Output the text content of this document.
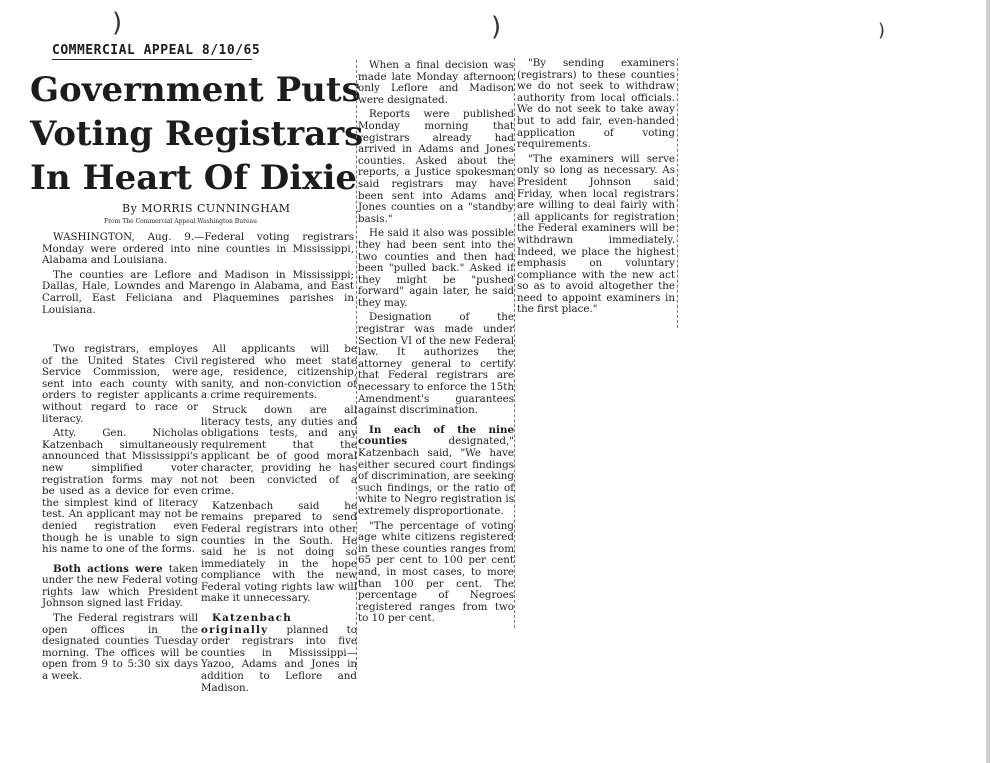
)	)	)
COMMERCIAL APPEAL 8/10/65
Government Puts
Voting Registrars
In Heart Of Dixie
By MORRIS CUNNINGHAM
From The Commercial Appeal Washington Bureau

WASHINGTON, Aug. 9.—Federal voting registrars Monday were ordered into nine counties in Mississippi, Alabama and Louisiana.

The counties are Leflore and Madison in Mississippi; Dallas, Hale, Lowndes and Marengo in Alabama, and East Carroll, East Feliciana and Plaquemines parishes in Louisiana.

Two registrars, employes of the United States Civil Service Commission, were sent into each county with orders to register applicants without regard to race or literacy.

Atty. Gen. Nicholas Katzenbach simultaneously announced that Mississippi's new simplified voter registration forms may not be used as a device for even the simplest kind of literacy test. An applicant may not be denied registration even though he is unable to sign his name to one of the forms.

Both actions were taken under the new Federal voting rights law which President Johnson signed last Friday.

The Federal registrars will open offices in the designated counties Tuesday morning. The offices will be open from 9 to 5:30 six days a week.

All applicants will be registered who meet state age, residence, citizenship, sanity, and non-conviction of a crime requirements.

Struck down are all literacy tests, any duties and obligations tests, and any requirement that the applicant be of good moral character, providing he has not been convicted of a crime.

Katzenbach said he remains prepared to send Federal registrars into other counties in the South. He said he is not doing so immediately in the hope compliance with the new Federal voting rights law will make it unnecessary.

Katzenbach originally planned to order registrars into five counties in Mississippi—Yazoo, Adams and Jones in addition to Leflore and Madison.

When a final decision was made late Monday afternoon only Leflore and Madison were designated.

Reports were published Monday morning that registrars already had arrived in Adams and Jones counties. Asked about the reports, a Justice spokesman said registrars may have been sent into Adams and Jones counties on a "standby basis."

He said it also was possible they had been sent into the two counties and then had been "pulled back." Asked if they might be "pushed forward" again later, he said they may.

Designation of the registrar was made under Section VI of the new Federal law. It authorizes the attorney general to certify that Federal registrars are necessary to enforce the 15th Amendment's guarantees against discrimination.

In each of the nine counties designated," Katzenbach said, "We have either secured court findings of discrimination, are seeking such findings, or the ratio of white to Negro registration is extremely disproportionate.

"The percentage of voting age white citizens registered in these counties ranges from 65 per cent to 100 per cent and, in most cases, to more than 100 per cent. The percentage of Negroes registered ranges from two to 10 per cent.

"By sending examiners (registrars) to these counties we do not seek to withdraw authority from local officials. We do not seek to take away but to add fair, even-handed application of voting requirements.

"The examiners will serve only so long as necessary. As President Johnson said Friday, when local registrars are willing to deal fairly with all applicants for registration the Federal examiners will be withdrawn immediately. Indeed, we place the highest emphasis on voluntary compliance with the new act so as to avoid altogether the need to appoint examiners in the first place."
